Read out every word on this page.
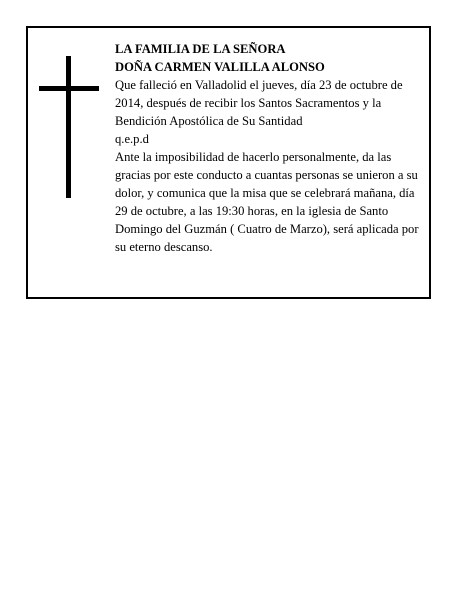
LA FAMILIA DE LA SEÑORA

DOÑA CARMEN VALILLA ALONSO

Que falleció en Valladolid el jueves, día 23 de octubre de 2014, después de recibir los Santos Sacramentos y la Bendición Apostólica de Su Santidad

q.e.p.d

Ante la imposibilidad de hacerlo personalmente, da las gracias por este conducto a cuantas personas se unieron a su dolor, y comunica que la misa que se celebrará mañana, día 29 de octubre, a las 19:30 horas, en la iglesia de Santo Domingo del Guzmán ( Cuatro de Marzo), será aplicada por su eterno descanso.
